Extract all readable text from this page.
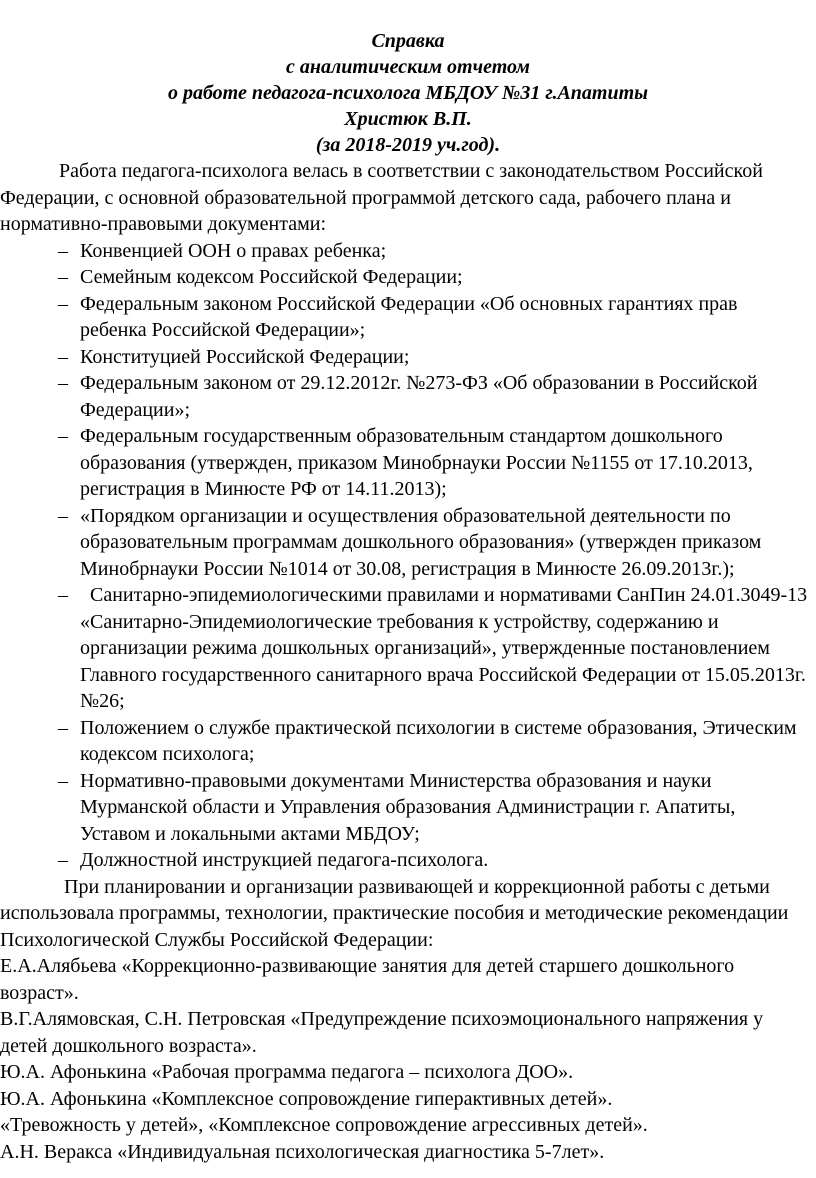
Справка
с аналитическим отчетом
о работе педагога-психолога МБДОУ №31 г.Апатиты
Христюк В.П.
(за 2018-2019 уч.год).

Работа педагога-психолога велась в соответствии с законодательством Российской Федерации, с основной образовательной программой детского сада, рабочего плана и нормативно-правовыми документами:

– Конвенцией ООН о правах ребенка;
– Семейным кодексом Российской Федерации;
– Федеральным законом Российской Федерации «Об основных гарантиях прав ребенка Российской Федерации»;
– Конституцией Российской Федерации;
– Федеральным законом от 29.12.2012г. №273-ФЗ «Об образовании в Российской Федерации»;
– Федеральным государственным образовательным стандартом дошкольного образования (утвержден, приказом Минобрнауки России №1155 от 17.10.2013, регистрация в Минюсте РФ от 14.11.2013);
– «Порядком организации и осуществления образовательной деятельности по образовательным программам дошкольного образования» (утвержден приказом Минобрнауки России №1014 от 30.08, регистрация в Минюсте 26.09.2013г.);
– Санитарно-эпидемиологическими правилами и нормативами СанПин 24.01.3049-13 «Санитарно-Эпидемиологические требования к устройству, содержанию и организации режима дошкольных организаций», утвержденные постановлением Главного государственного санитарного врача Российской Федерации от 15.05.2013г. №26;
– Положением о службе практической психологии в системе образования, Этическим кодексом психолога;
– Нормативно-правовыми документами Министерства образования и науки Мурманской области и Управления образования Администрации г. Апатиты, Уставом и локальными актами МБДОУ;
– Должностной инструкцией педагога-психолога.

При планировании и организации развивающей и коррекционной работы с детьми использовала программы, технологии, практические пособия и методические рекомендации Психологической Службы Российской Федерации:

Е.А.Алябьева «Коррекционно-развивающие занятия для детей старшего дошкольного возраст».

В.Г.Алямовская, С.Н. Петровская «Предупреждение психоэмоционального напряжения у детей дошкольного возраста».

Ю.А. Афонькина «Рабочая программа педагога – психолога ДОО».

Ю.А. Афонькина «Комплексное сопровождение гиперактивных детей».

«Тревожность у детей», «Комплексное сопровождение агрессивных детей».

А.Н. Веракса «Индивидуальная психологическая диагностика 5-7лет».
